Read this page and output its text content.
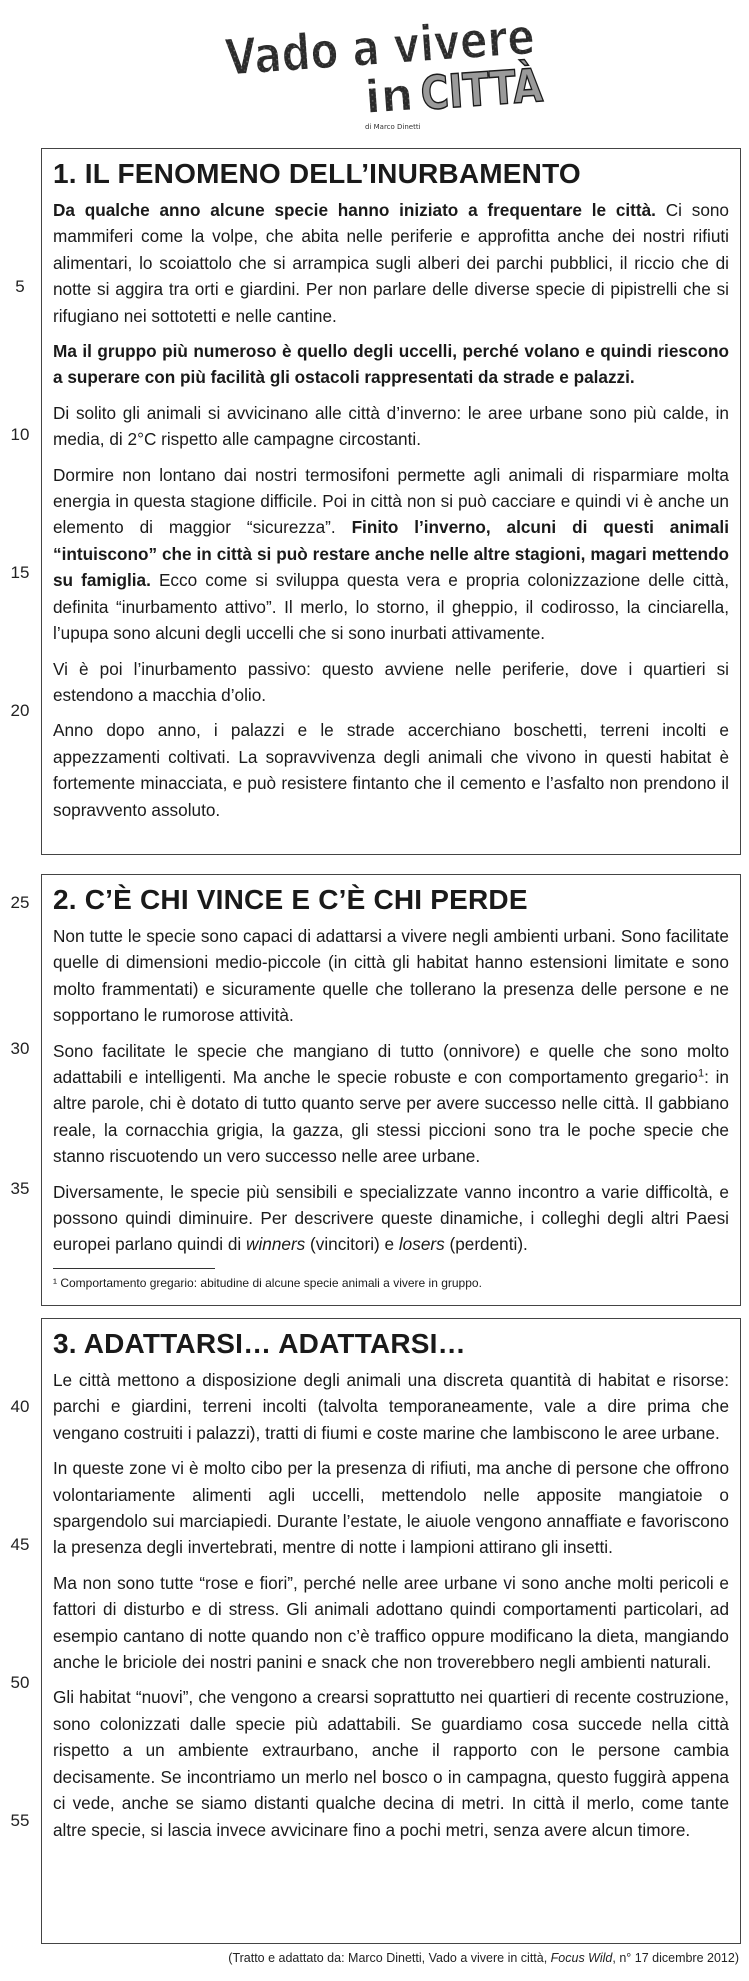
Vado a vivere
in CITTÀ
di Marco Dinetti
5
10
15
20
25
30
35
40
45
50
55
1. IL FENOMENO DELL’INURBAMENTO

Da qualche anno alcune specie hanno iniziato a frequentare le città. Ci sono mammiferi come la volpe, che abita nelle periferie e approfitta anche dei nostri rifiuti alimentari, lo scoiattolo che si arrampica sugli alberi dei parchi pubblici, il riccio che di notte si aggira tra orti e giardini. Per non parlare delle diverse specie di pipistrelli che si rifugiano nei sottotetti e nelle cantine.

Ma il gruppo più numeroso è quello degli uccelli, perché volano e quindi riescono a superare con più facilità gli ostacoli rappresentati da strade e palazzi.

Di solito gli animali si avvicinano alle città d’inverno: le aree urbane sono più calde, in media, di 2°C rispetto alle campagne circostanti.

Dormire non lontano dai nostri termosifoni permette agli animali di risparmiare molta energia in questa stagione difficile. Poi in città non si può cacciare e quindi vi è anche un elemento di maggior “sicurezza”. Finito l’inverno, alcuni di questi animali “intuiscono” che in città si può restare anche nelle altre stagioni, magari mettendo su famiglia. Ecco come si sviluppa questa vera e propria colonizzazione delle città, definita “inurbamento attivo”. Il merlo, lo storno, il gheppio, il codirosso, la cinciarella, l’upupa sono alcuni degli uccelli che si sono inurbati attivamente.

Vi è poi l’inurbamento passivo: questo avviene nelle periferie, dove i quartieri si estendono a macchia d’olio.

Anno dopo anno, i palazzi e le strade accerchiano boschetti, terreni incolti e appezzamenti coltivati. La sopravvivenza degli animali che vivono in questi habitat è fortemente minacciata, e può resistere fintanto che il cemento e l’asfalto non prendono il sopravvento assoluto.

2. C’È CHI VINCE E C’È CHI PERDE

Non tutte le specie sono capaci di adattarsi a vivere negli ambienti urbani. Sono facilitate quelle di dimensioni medio-piccole (in città gli habitat hanno estensioni limitate e sono molto frammentati) e sicuramente quelle che tollerano la presenza delle persone e ne sopportano le rumorose attività.

Sono facilitate le specie che mangiano di tutto (onnivore) e quelle che sono molto adattabili e intelligenti. Ma anche le specie robuste e con comportamento gregario$^1$: in altre parole, chi è dotato di tutto quanto serve per avere successo nelle città. Il gabbiano reale, la cornacchia grigia, la gazza, gli stessi piccioni sono tra le poche specie che stanno riscuotendo un vero successo nelle aree urbane.

Diversamente, le specie più sensibili e specializzate vanno incontro a varie difficoltà, e possono quindi diminuire. Per descrivere queste dinamiche, i colleghi degli altri Paesi europei parlano quindi di winners (vincitori) e losers (perdenti).

¹ Comportamento gregario: abitudine di alcune specie animali a vivere in gruppo.

3. ADATTARSI… ADATTARSI…

Le città mettono a disposizione degli animali una discreta quantità di habitat e risorse: parchi e giardini, terreni incolti (talvolta temporaneamente, vale a dire prima che vengano costruiti i palazzi), tratti di fiumi e coste marine che lambiscono le aree urbane.

In queste zone vi è molto cibo per la presenza di rifiuti, ma anche di persone che offrono volontariamente alimenti agli uccelli, mettendolo nelle apposite mangiatoie o spargendolo sui marciapiedi. Durante l’estate, le aiuole vengono annaffiate e favoriscono la presenza degli invertebrati, mentre di notte i lampioni attirano gli insetti.

Ma non sono tutte “rose e fiori”, perché nelle aree urbane vi sono anche molti pericoli e fattori di disturbo e di stress. Gli animali adottano quindi comportamenti particolari, ad esempio cantano di notte quando non c’è traffico oppure modificano la dieta, mangiando anche le briciole dei nostri panini e snack che non troverebbero negli ambienti naturali.

Gli habitat “nuovi”, che vengono a crearsi soprattutto nei quartieri di recente costruzione, sono colonizzati dalle specie più adattabili. Se guardiamo cosa succede nella città rispetto a un ambiente extraurbano, anche il rapporto con le persone cambia decisamente. Se incontriamo un merlo nel bosco o in campagna, questo fuggirà appena ci vede, anche se siamo distanti qualche decina di metri. In città il merlo, come tante altre specie, si lascia invece avvicinare fino a pochi metri, senza avere alcun timore.

(Tratto e adattato da: Marco Dinetti, Vado a vivere in città, Focus Wild, n° 17 dicembre 2012)
